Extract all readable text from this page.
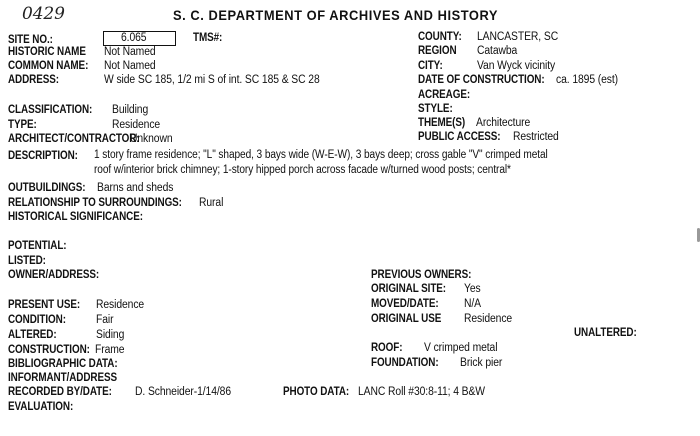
0429	S. C. DEPARTMENT OF ARCHIVES AND HISTORY
SITE NO.:	6.065	TMS#:
HISTORIC NAME Not Named
COMMON NAME: Not Named
ADDRESS:	W side SC 185, 1/2 mi S of int. SC 185 & SC 28
COUNTY: LANCASTER, SC
REGION Catawba
CITY:	Van Wyck vicinity
DATE OF CONSTRUCTION: ca. 1895 (est)
ACREAGE:
STYLE:
THEME(S) Architecture
PUBLIC ACCESS: Restricted
CLASSIFICATION: Building
TYPE:	Residence
ARCHITECT/CONTRACTOR:
Unknown
DESCRIPTION: 1 story frame residence; "L" shaped, 3 bays wide (W-E-W), 3 bays deep; cross gable "V" crimped metal
roof w/interior brick chimney; 1-story hipped porch across facade w/turned wood posts; central*
OUTBUILDINGS: Barns and sheds
RELATIONSHIP TO SURROUNDINGS: Rural
HISTORICAL SIGNIFICANCE:
POTENTIAL:
LISTED:
OWNER/ADDRESS:	PREVIOUS OWNERS:
ORIGINAL SITE: Yes
MOVED/DATE: N/A
ORIGINAL USE Residence
UNALTERED:
ROOF: V crimped metal
FOUNDATION: Brick pier
PRESENT USE: Residence
CONDITION:	Fair
ALTERED:	Siding
CONSTRUCTION: Frame
BIBLIOGRAPHIC DATA:
INFORMANT/ADDRESS
RECORDED BY/DATE: D. Schneider-1/14/86	PHOTO DATA: LANC Roll #30:8-11; 4 B&W
EVALUATION:
